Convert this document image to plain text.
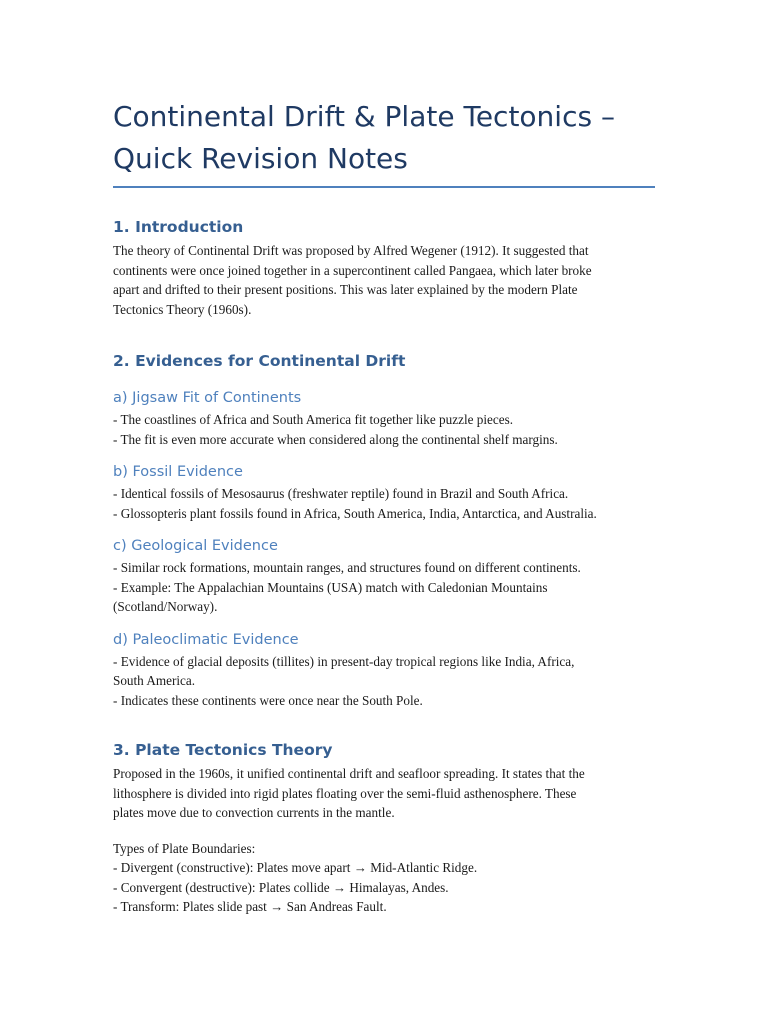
Continental Drift & Plate Tectonics –
Quick Revision Notes
1. Introduction
The theory of Continental Drift was proposed by Alfred Wegener (1912). It suggested that
continents were once joined together in a supercontinent called Pangaea, which later broke
apart and drifted to their present positions. This was later explained by the modern Plate
Tectonics Theory (1960s).
2. Evidences for Continental Drift
a) Jigsaw Fit of Continents
- The coastlines of Africa and South America fit together like puzzle pieces.
- The fit is even more accurate when considered along the continental shelf margins.
b) Fossil Evidence
- Identical fossils of Mesosaurus (freshwater reptile) found in Brazil and South Africa.
- Glossopteris plant fossils found in Africa, South America, India, Antarctica, and Australia.
c) Geological Evidence
- Similar rock formations, mountain ranges, and structures found on different continents.
- Example: The Appalachian Mountains (USA) match with Caledonian Mountains
(Scotland/Norway).
d) Paleoclimatic Evidence
- Evidence of glacial deposits (tillites) in present-day tropical regions like India, Africa,
South America.
- Indicates these continents were once near the South Pole.
3. Plate Tectonics Theory
Proposed in the 1960s, it unified continental drift and seafloor spreading. It states that the
lithosphere is divided into rigid plates floating over the semi-fluid asthenosphere. These
plates move due to convection currents in the mantle.
Types of Plate Boundaries:
- Divergent (constructive): Plates move apart → Mid-Atlantic Ridge.
- Convergent (destructive): Plates collide → Himalayas, Andes.
- Transform: Plates slide past → San Andreas Fault.
